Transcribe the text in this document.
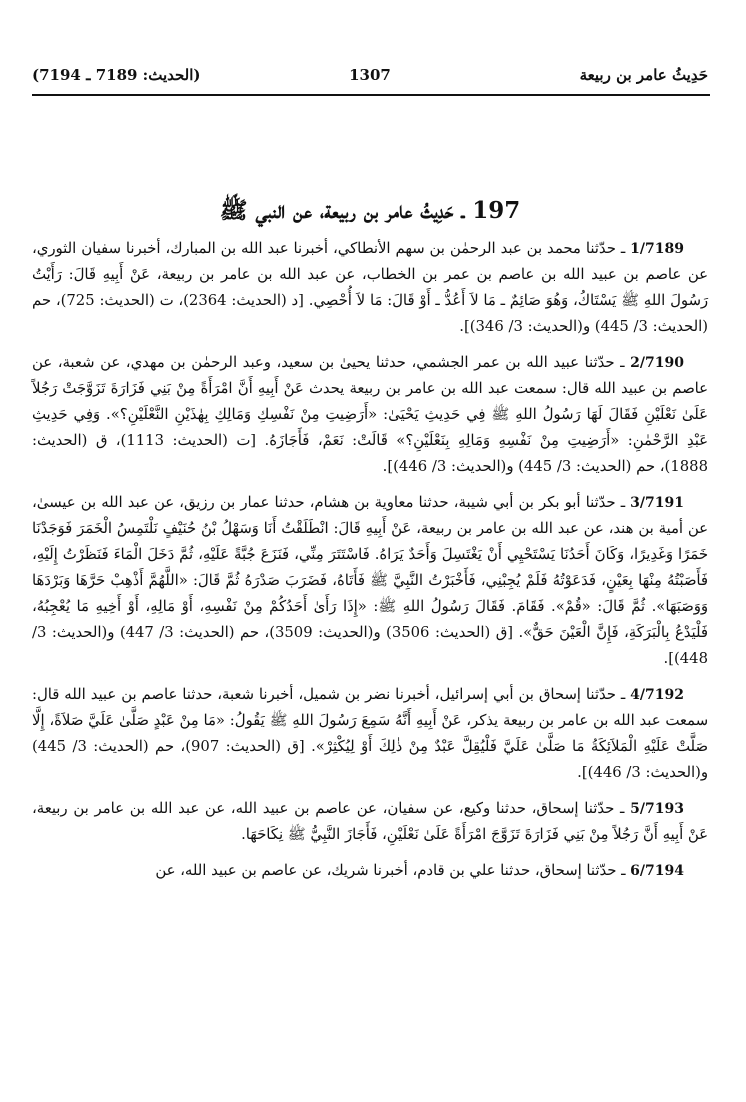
حَدِيثُ عامر بن ربيعة
1307
(الحديث: 7189 ـ 7194)
197 ـ حَدِيثُ عامر بن ربيعة، عن النبي ﷺ

1/7189 ـ حدّثنا محمد بن عبد الرحمٰن بن سهم الأنطاكي، أخبرنا عبد الله بن المبارك، أخبرنا سفيان الثوري، عن عاصم بن عبيد الله بن عاصم بن عمر بن الخطاب، عن عبد الله بن عامر بن ربيعة، عَنْ أَبِيهِ قَالَ: رَأَيْتُ رَسُولَ اللهِ ﷺ يَسْتَاكُ، وَهُوَ صَائِمٌ ـ مَا لاَ أَعُدُّ ـ أَوْ قَالَ: مَا لاَ أُحْصِي. [د (الحديث: 2364)، ت (الحديث: 725)، حم (الحديث: 3/ 445) و(الحديث: 3/ 346)].

2/7190 ـ حدّثنا عبيد الله بن عمر الجشمي، حدثنا يحيىٰ بن سعيد، وعبد الرحمٰن بن مهدي، عن شعبة، عن عاصم بن عبيد الله قال: سمعت عبد الله بن عامر بن ربيعة يحدث عَنْ أَبِيهِ أَنَّ امْرَأَةً مِنْ بَنِي فَزَارَةَ تَزَوَّجَتْ رَجُلاً عَلَىٰ نَعْلَيْنِ فَقَالَ لَهَا رَسُولُ اللهِ ﷺ فِي حَدِيثِ يَحْيَىٰ: «أَرَضِيتِ مِنْ نَفْسِكِ وَمَالِكِ بِهٰذَيْنِ النَّعْلَيْنِ؟». وَفِي حَدِيثِ عَبْدِ الرَّحْمٰنِ: «أَرَضِيتِ مِنْ نَفْسِهِ وَمَالِهِ بِنَعْلَيْنِ؟» قَالَتْ: نَعَمْ، فَأَجَازَهُ. [ت (الحديث: 1113)، ق (الحديث: 1888)، حم (الحديث: 3/ 445) و(الحديث: 3/ 446)].

3/7191 ـ حدّثنا أبو بكر بن أبي شيبة، حدثنا معاوية بن هشام، حدثنا عمار بن رزيق، عن عبد الله بن عيسىٰ، عن أمية بن هند، عن عبد الله بن عامر بن ربيعة، عَنْ أَبِيهِ قَالَ: انْطَلَقْتُ أَنَا وَسَهْلُ بْنُ حُنَيْفٍ نَلْتَمِسُ الْخَمَرَ فَوَجَدْنَا خَمَرًا وَغَدِيرًا، وَكَانَ أَحَدُنَا يَسْتَحْيِي أَنْ يَغْتَسِلَ وَأَحَدٌ يَرَاهُ. فَاسْتَتَرَ مِنِّي، فَنَزَعَ جُبَّةً عَلَيْهِ، ثُمَّ دَخَلَ الْمَاءَ فَنَظَرْتُ إِلَيْهِ، فَأَصَبْتُهُ مِنْهَا بِعَيْنٍ، فَدَعَوْتُهُ فَلَمْ يُجِبْنِي، فَأَخْبَرْتُ النَّبِيَّ ﷺ فَأَتَاهُ، فَضَرَبَ صَدْرَهُ ثُمَّ قَالَ: «اللَّهُمَّ أَذْهِبْ حَرَّهَا وَبَرْدَهَا وَوَصَبَهَا». ثُمَّ قَالَ: «قُمْ». فَقَامَ. فَقَالَ رَسُولُ اللهِ ﷺ: «إِذَا رَأَىٰ أَحَدُكُمْ مِنْ نَفْسِهِ، أَوْ مَالِهِ، أَوْ أَخِيهِ مَا يُعْجِبُهُ، فَلْيَدْعُ بِالْبَرَكَةِ، فَإِنَّ الْعَيْنَ حَقٌّ». [ق (الحديث: 3506) و(الحديث: 3509)، حم (الحديث: 3/ 447) و(الحديث: 3/ 448)].

4/7192 ـ حدّثنا إسحاق بن أبي إسرائيل، أخبرنا نضر بن شميل، أخبرنا شعبة، حدثنا عاصم بن عبيد الله قال: سمعت عبد الله بن عامر بن ربيعة يذكر، عَنْ أَبِيهِ أَنَّهُ سَمِعَ رَسُولَ اللهِ ﷺ يَقُولُ: «مَا مِنْ عَبْدٍ صَلَّىٰ عَلَيَّ صَلاَةً، إِلَّا صَلَّتْ عَلَيْهِ الْمَلاَئِكَةُ مَا صَلَّىٰ عَلَيَّ فَلْيُقِلَّ عَبْدٌ مِنْ ذٰلِكَ أَوْ لِيُكْثِرْ». [ق (الحديث: 907)، حم (الحديث: 3/ 445) و(الحديث: 3/ 446)].

5/7193 ـ حدّثنا إسحاق، حدثنا وكيع، عن سفيان، عن عاصم بن عبيد الله، عن عبد الله بن عامر بن ربيعة، عَنْ أَبِيهِ أَنَّ رَجُلاً مِنْ بَنِي فَزَارَةَ تَزَوَّجَ امْرَأَةً عَلَىٰ نَعْلَيْنِ، فَأَجَازَ النَّبِيُّ ﷺ نِكَاحَهَا.

6/7194 ـ حدّثنا إسحاق، حدثنا علي بن قادم، أخبرنا شريك، عن عاصم بن عبيد الله، عن
